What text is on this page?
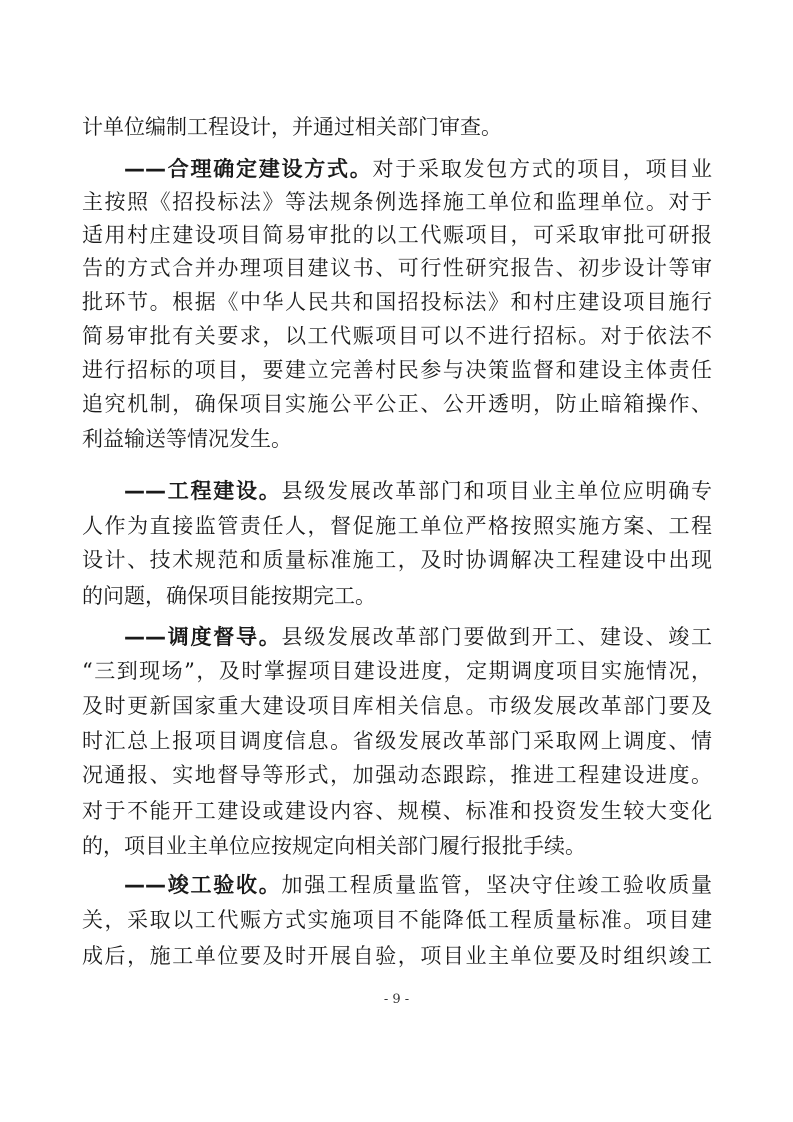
计单位编制工程设计，并通过相关部门审查。
——合理确定建设方式。对于采取发包方式的项目，项目业
主按照《招投标法》等法规条例选择施工单位和监理单位。对于
适用村庄建设项目简易审批的以工代赈项目，可采取审批可研报
告的方式合并办理项目建议书、可行性研究报告、初步设计等审
批环节。根据《中华人民共和国招投标法》和村庄建设项目施行
简易审批有关要求，以工代赈项目可以不进行招标。对于依法不
进行招标的项目，要建立完善村民参与决策监督和建设主体责任
追究机制，确保项目实施公平公正、公开透明，防止暗箱操作、
利益输送等情况发生。
——工程建设。县级发展改革部门和项目业主单位应明确专
人作为直接监管责任人，督促施工单位严格按照实施方案、工程
设计、技术规范和质量标准施工，及时协调解决工程建设中出现
的问题，确保项目能按期完工。
——调度督导。县级发展改革部门要做到开工、建设、竣工
“三到现场”，及时掌握项目建设进度，定期调度项目实施情况，
及时更新国家重大建设项目库相关信息。市级发展改革部门要及
时汇总上报项目调度信息。省级发展改革部门采取网上调度、情
况通报、实地督导等形式，加强动态跟踪，推进工程建设进度。
对于不能开工建设或建设内容、规模、标准和投资发生较大变化
的，项目业主单位应按规定向相关部门履行报批手续。
——竣工验收。加强工程质量监管，坚决守住竣工验收质量
关，采取以工代赈方式实施项目不能降低工程质量标准。项目建
成后，施工单位要及时开展自验，项目业主单位要及时组织竣工
- 9 -
